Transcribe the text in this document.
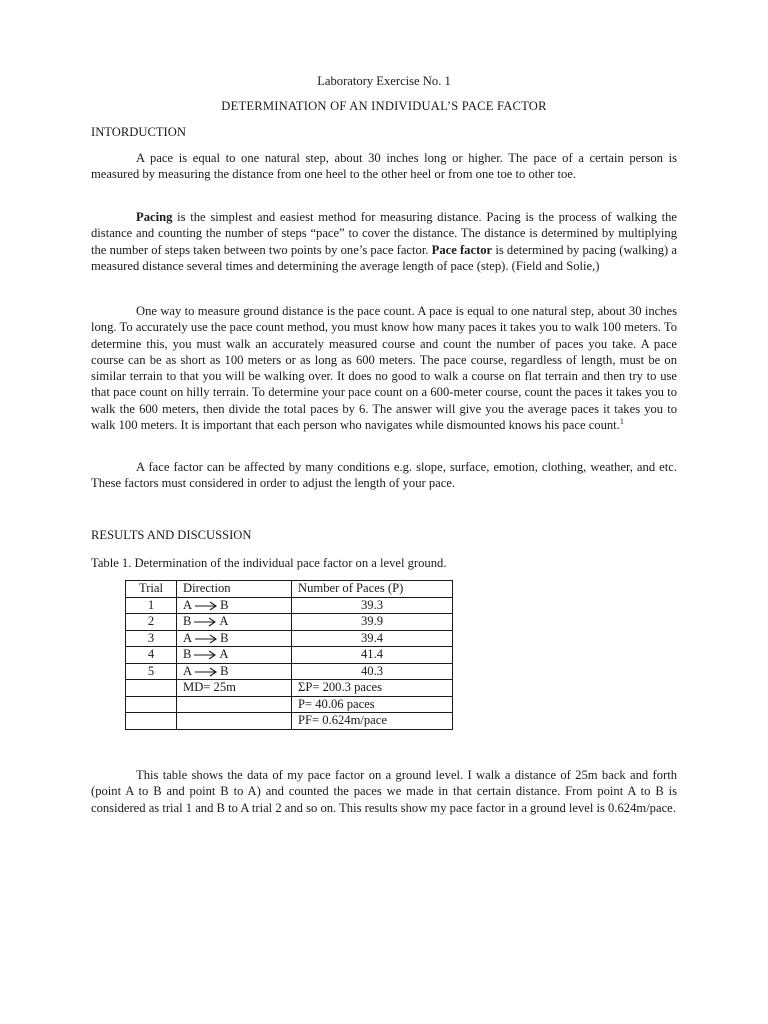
Laboratory Exercise No. 1
DETERMINATION OF AN INDIVIDUAL’S PACE FACTOR
INTORDUCTION

A pace is equal to one natural step, about 30 inches long or higher. The pace of a certain person is measured by measuring the distance from one heel to the other heel or from one toe to other toe.

Pacing is the simplest and easiest method for measuring distance. Pacing is the process of walking the distance and counting the number of steps “pace” to cover the distance. The distance is determined by multiplying the number of steps taken between two points by one’s pace factor. Pace factor is determined by pacing (walking) a measured distance several times and determining the average length of pace (step). (Field and Solie,)

One way to measure ground distance is the pace count. A pace is equal to one natural step, about 30 inches long. To accurately use the pace count method, you must know how many paces it takes you to walk 100 meters. To determine this, you must walk an accurately measured course and count the number of paces you take. A pace course can be as short as 100 meters or as long as 600 meters. The pace course, regardless of length, must be on similar terrain to that you will be walking over. It does no good to walk a course on flat terrain and then try to use that pace count on hilly terrain. To determine your pace count on a 600-meter course, count the paces it takes you to walk the 600 meters, then divide the total paces by 6. The answer will give you the average paces it takes you to walk 100 meters. It is important that each person who navigates while dismounted knows his pace count.$^1$

A face factor can be affected by many conditions e.g. slope, surface, emotion, clothing, weather, and etc. These factors must considered in order to adjust the length of your pace.

RESULTS AND DISCUSSION
Table 1. Determination of the individual pace factor on a level ground.
Trial	Direction	Number of Paces (P)
1	A B	39.3
2	B A	39.9
3	A B	39.4
4	B A	41.4
5	A B	40.3
	MD= 25m	ΣP= 200.3 paces
		P= 40.06 paces
		PF= 0.624m/pace

This table shows the data of my pace factor on a ground level. I walk a distance of 25m back and forth (point A to B and point B to A) and counted the paces we made in that certain distance. From point A to B is considered as trial 1 and B to A trial 2 and so on. This results show my pace factor in a ground level is 0.624m/pace.
